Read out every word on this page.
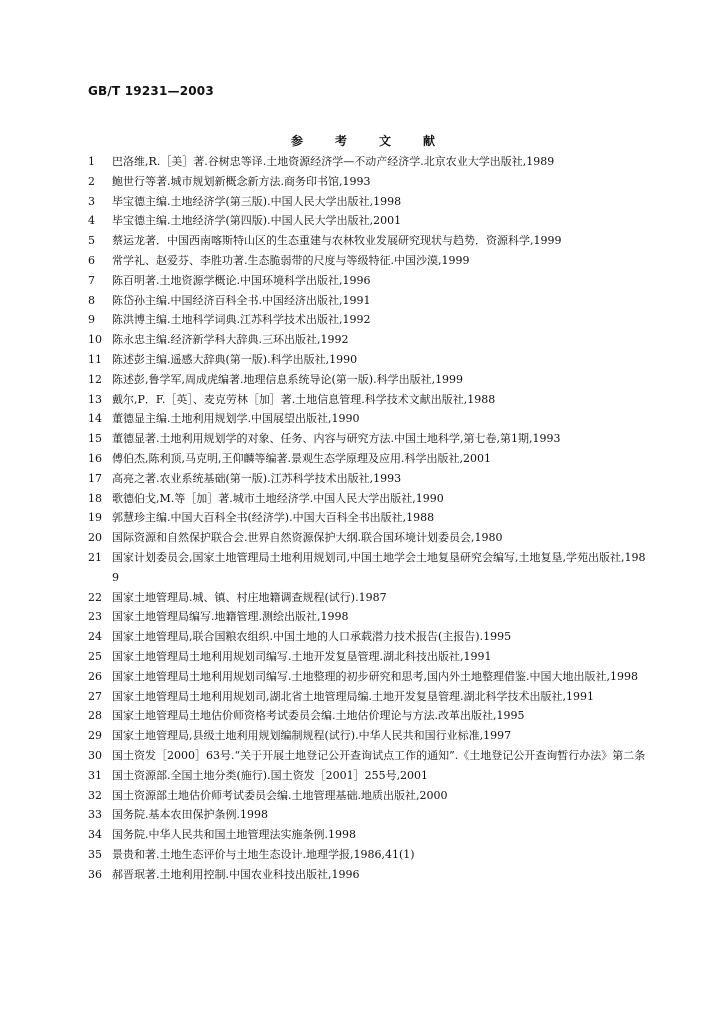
GB/T 19231—2003
参　考　文　献
1	巴洛维,R.［美］著.谷树忠等译.土地资源经济学—不动产经济学.北京农业大学出版社,1989
2	鲍世行等著.城市规划新概念新方法.商务印书馆,1993
3	毕宝德主编.土地经济学(第三版).中国人民大学出版社,1998
4	毕宝德主编.土地经济学(第四版).中国人民大学出版社,2001
5	蔡运龙著．中国西南喀斯特山区的生态重建与农林牧业发展研究现状与趋势．资源科学,1999
6	常学礼、赵爱芬、李胜功著.生态脆弱带的尺度与等级特征.中国沙漠,1999
7	陈百明著.土地资源学概论.中国环境科学出版社,1996
8	陈岱孙主编.中国经济百科全书.中国经济出版社,1991
9	陈洪博主编.土地科学词典.江苏科学技术出版社,1992
10 陈永忠主编.经济新学科大辞典.三环出版社,1992
11 陈述彭主编.遥感大辞典(第一版).科学出版社,1990
12 陈述彭,鲁学军,周成虎编著.地理信息系统导论(第一版).科学出版社,1999
13 戴尔,P．F.［英］、麦克劳林［加］著.土地信息管理.科学技术文献出版社,1988
14 董德显主编.土地利用规划学.中国展望出版社,1990
15 董德显著.土地利用规划学的对象、任务、内容与研究方法.中国土地科学,第七卷,第1期,1993
16 傅伯杰,陈利顶,马克明,王仰麟等编著.景观生态学原理及应用.科学出版社,2001
17 高亮之著.农业系统基础(第一版).江苏科学技术出版社,1993
18 歌德伯戈,M.等［加］著.城市土地经济学.中国人民大学出版社,1990
19 郭慧珍主编.中国大百科全书(经济学).中国大百科全书出版社,1988
20 国际资源和自然保护联合会.世界自然资源保护大纲.联合国环境计划委员会,1980
21 国家计划委员会,国家土地管理局土地利用规划司,中国土地学会土地复垦研究会编写,土地复垦,学苑出版社,1989
22 国家土地管理局.城、镇、村庄地籍调查规程(试行).1987
23 国家土地管理局编写.地籍管理.测绘出版社,1998
24 国家土地管理局,联合国粮农组织.中国土地的人口承载潜力技术报告(主报告).1995
25 国家土地管理局土地利用规划司编写.土地开发复垦管理.湖北科技出版社,1991
26 国家土地管理局土地利用规划司编写.土地整理的初步研究和思考,国内外土地整理借鉴.中国大地出版社,1998
27 国家土地管理局土地利用规划司,湖北省土地管理局编.土地开发复垦管理.湖北科学技术出版社,1991
28 国家土地管理局土地估价师资格考试委员会编.土地估价理论与方法.改革出版社,1995
29 国家土地管理局,县级土地利用规划编制规程(试行).中华人民共和国行业标准,1997
30 国土资发［2000］63号.“关于开展土地登记公开查询试点工作的通知”.《土地登记公开查询暂行办法》第二条
31 国土资源部.全国土地分类(施行).国土资发［2001］255号,2001
32 国土资源部土地估价师考试委员会编.土地管理基础.地质出版社,2000
33 国务院.基本农田保护条例.1998
34 国务院.中华人民共和国土地管理法实施条例.1998
35 景贵和著.土地生态评价与土地生态设计.地理学报,1986,41(1)
36 郝晋珉著.土地利用控制.中国农业科技出版社,1996
